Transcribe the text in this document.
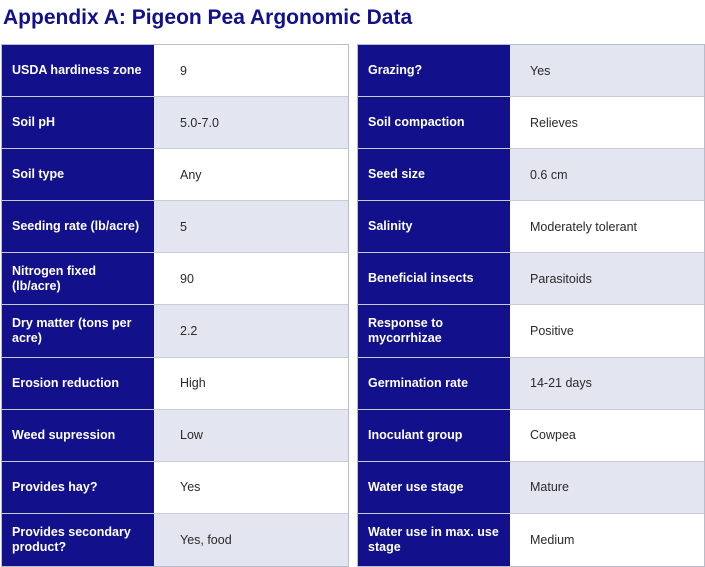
Appendix A: Pigeon Pea Argonomic Data
USDA hardiness zone	9
Soil pH	5.0-7.0
Soil type	Any
Seeding rate (lb/acre)	5
Nitrogen fixed (lb/acre)	90
Dry matter (tons per acre)	2.2
Erosion reduction	High
Weed supression	Low
Provides hay?	Yes
Provides secondary product?	Yes, food
Grazing?	Yes
Soil compaction	Relieves
Seed size	0.6 cm
Salinity	Moderately tolerant
Beneficial insects	Parasitoids
Response to mycorrhizae	Positive
Germination rate	14-21 days
Inoculant group	Cowpea
Water use stage	Mature
Water use in max. use stage	Medium
